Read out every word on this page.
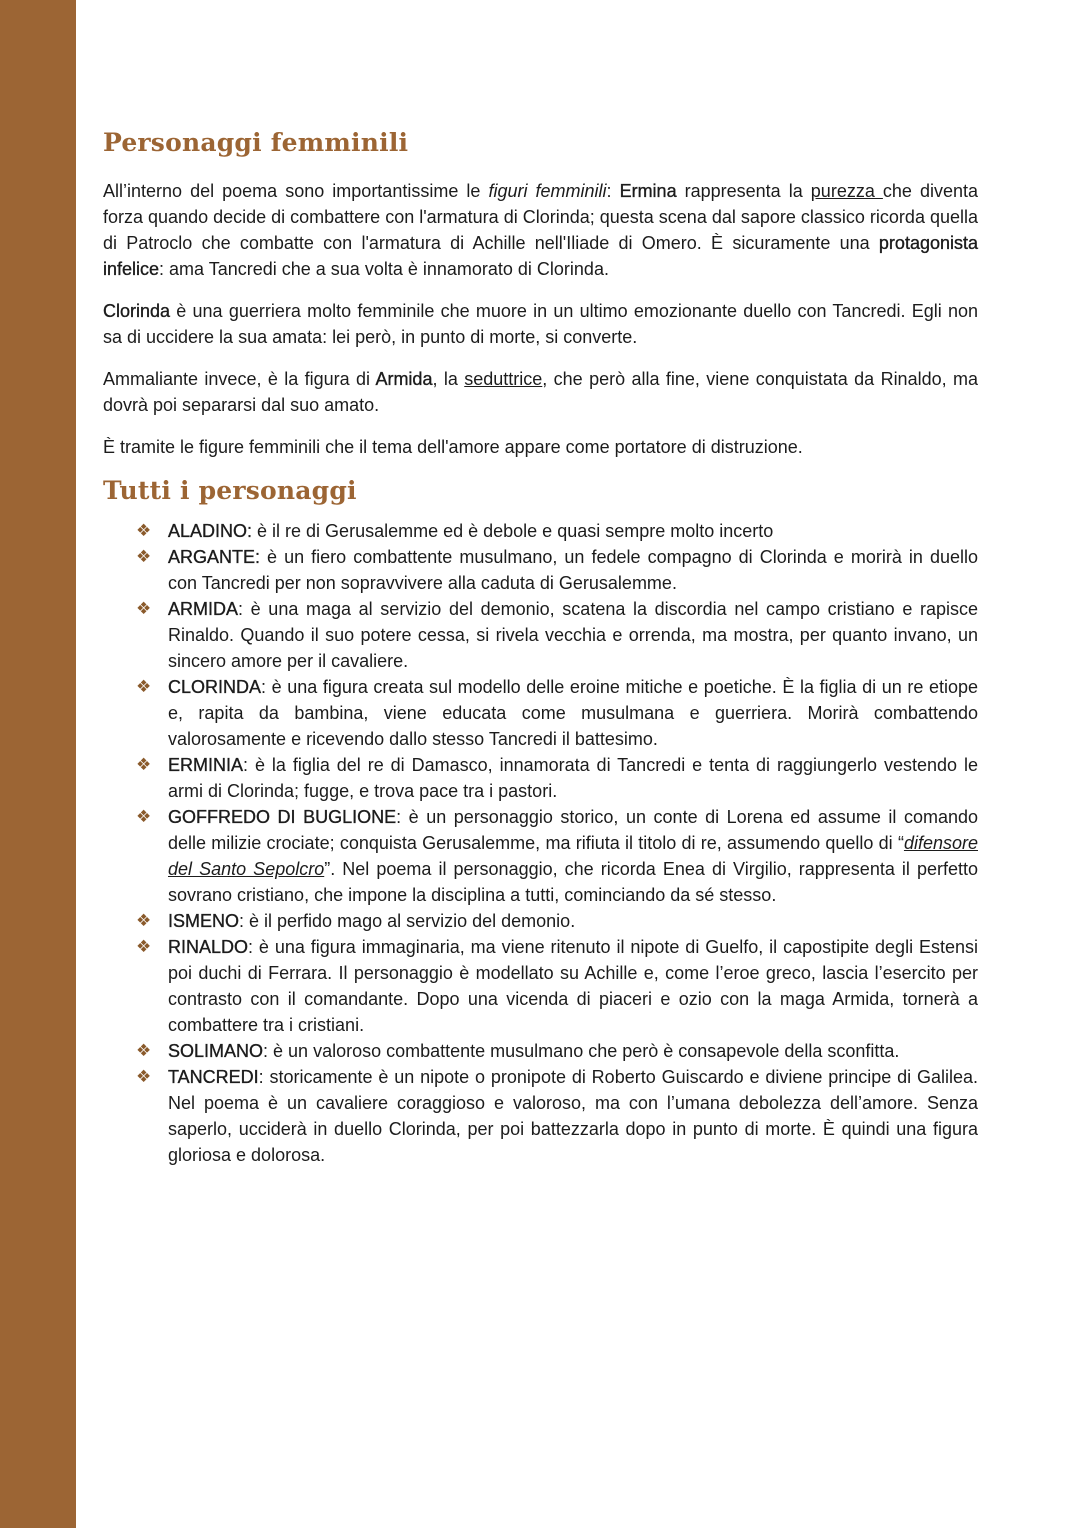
Personaggi femminili

All’interno del poema sono importantissime le figuri femminili: Ermina rappresenta la purezza che diventa forza quando decide di combattere con l'armatura di Clorinda; questa scena dal sapore classico ricorda quella di Patroclo che combatte con l'armatura di Achille nell'Iliade di Omero. È sicuramente una protagonista infelice: ama Tancredi che a sua volta è innamorato di Clorinda.

Clorinda è una guerriera molto femminile che muore in un ultimo emozionante duello con Tancredi. Egli non sa di uccidere la sua amata: lei però, in punto di morte, si converte.

Ammaliante invece, è la figura di Armida, la seduttrice, che però alla fine, viene conquistata da Rinaldo, ma dovrà poi separarsi dal suo amato.

È tramite le figure femminili che il tema dell'amore appare come portatore di distruzione.

Tutti i personaggi
❖ ALADINO: è il re di Gerusalemme ed è debole e quasi sempre molto incerto
❖ ARGANTE: è un fiero combattente musulmano, un fedele compagno di Clorinda e morirà in duello con Tancredi per non sopravvivere alla caduta di Gerusalemme.
❖ ARMIDA: è una maga al servizio del demonio, scatena la discordia nel campo cristiano e rapisce Rinaldo. Quando il suo potere cessa, si rivela vecchia e orrenda, ma mostra, per quanto invano, un sincero amore per il cavaliere.
❖ CLORINDA: è una figura creata sul modello delle eroine mitiche e poetiche. È la figlia di un re etiope e, rapita da bambina, viene educata come musulmana e guerriera. Morirà combattendo valorosamente e ricevendo dallo stesso Tancredi il battesimo.
❖ ERMINIA: è la figlia del re di Damasco, innamorata di Tancredi e tenta di raggiungerlo vestendo le armi di Clorinda; fugge, e trova pace tra i pastori.
❖ GOFFREDO DI BUGLIONE: è un personaggio storico, un conte di Lorena ed assume il comando delle milizie crociate; conquista Gerusalemme, ma rifiuta il titolo di re, assumendo quello di “difensore del Santo Sepolcro”. Nel poema il personaggio, che ricorda Enea di Virgilio, rappresenta il perfetto sovrano cristiano, che impone la disciplina a tutti, cominciando da sé stesso.
❖ ISMENO: è il perfido mago al servizio del demonio.
❖ RINALDO: è una figura immaginaria, ma viene ritenuto il nipote di Guelfo, il capostipite degli Estensi poi duchi di Ferrara. Il personaggio è modellato su Achille e, come l’eroe greco, lascia l’esercito per contrasto con il comandante. Dopo una vicenda di piaceri e ozio con la maga Armida, tornerà a combattere tra i cristiani.
❖ SOLIMANO: è un valoroso combattente musulmano che però è consapevole della sconfitta.
❖ TANCREDI: storicamente è un nipote o pronipote di Roberto Guiscardo e diviene principe di Galilea. Nel poema è un cavaliere coraggioso e valoroso, ma con l’umana debolezza dell’amore. Senza saperlo, ucciderà in duello Clorinda, per poi battezzarla dopo in punto di morte. È quindi una figura gloriosa e dolorosa.
